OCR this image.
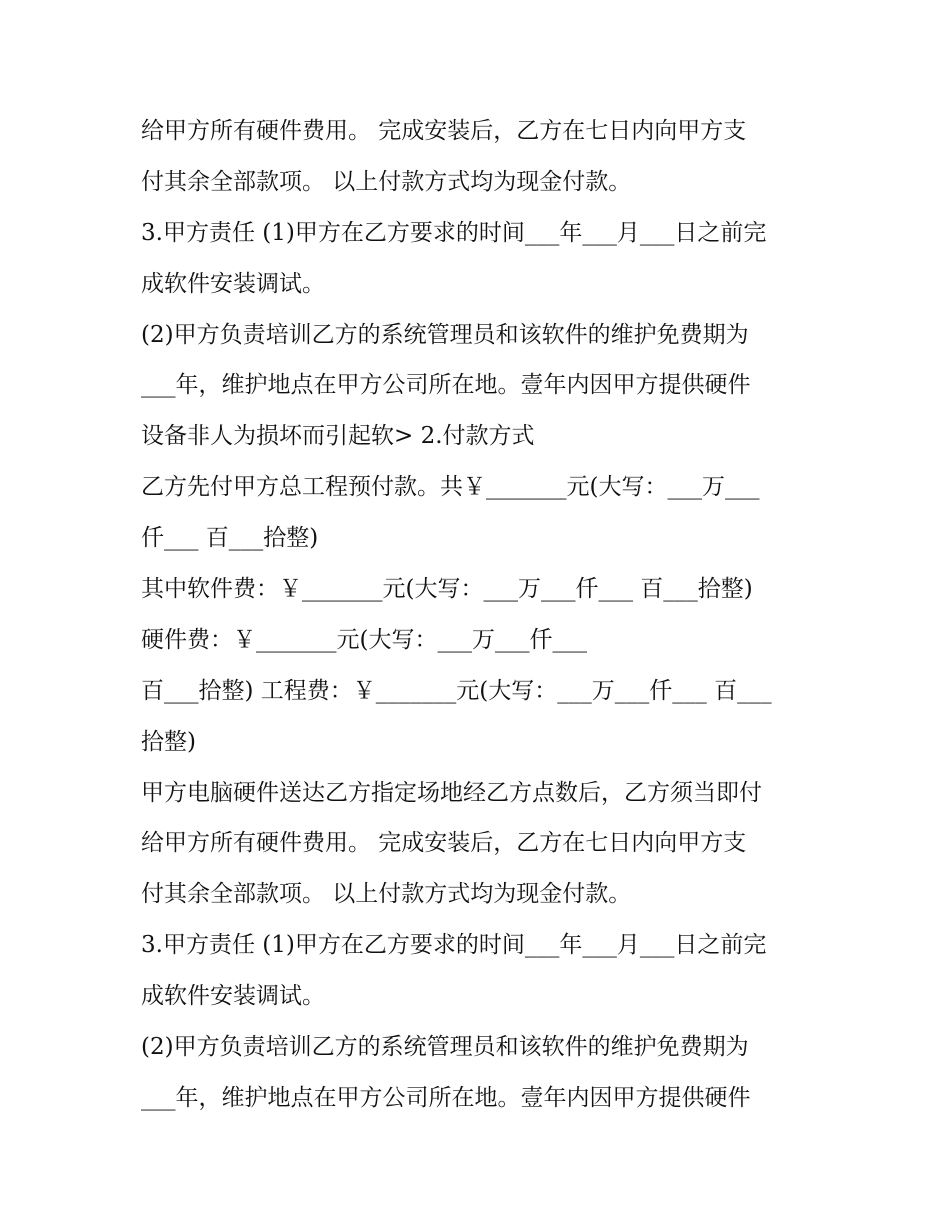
给甲方所有硬件费用。 完成安装后，乙方在七日内向甲方支
付其余全部款项。 以上付款方式均为现金付款。
3.甲方责任 (1)甲方在乙方要求的时间___年___月___日之前完
成软件安装调试。
(2)甲方负责培训乙方的系统管理员和该软件的维护免费期为
___年，维护地点在甲方公司所在地。壹年内因甲方提供硬件
设备非人为损坏而引起软> 2.付款方式
乙方先付甲方总工程预付款。共￥_______元(大写：___万___
仟___ 百___拾整)
其中软件费：￥_______元(大写：___万___仟___ 百___拾整)
硬件费：￥_______元(大写：___万___仟___
百___拾整) 工程费：￥_______元(大写：___万___仟___ 百___
拾整)
甲方电脑硬件送达乙方指定场地经乙方点数后，乙方须当即付
给甲方所有硬件费用。 完成安装后，乙方在七日内向甲方支
付其余全部款项。 以上付款方式均为现金付款。
3.甲方责任 (1)甲方在乙方要求的时间___年___月___日之前完
成软件安装调试。
(2)甲方负责培训乙方的系统管理员和该软件的维护免费期为
___年，维护地点在甲方公司所在地。壹年内因甲方提供硬件
